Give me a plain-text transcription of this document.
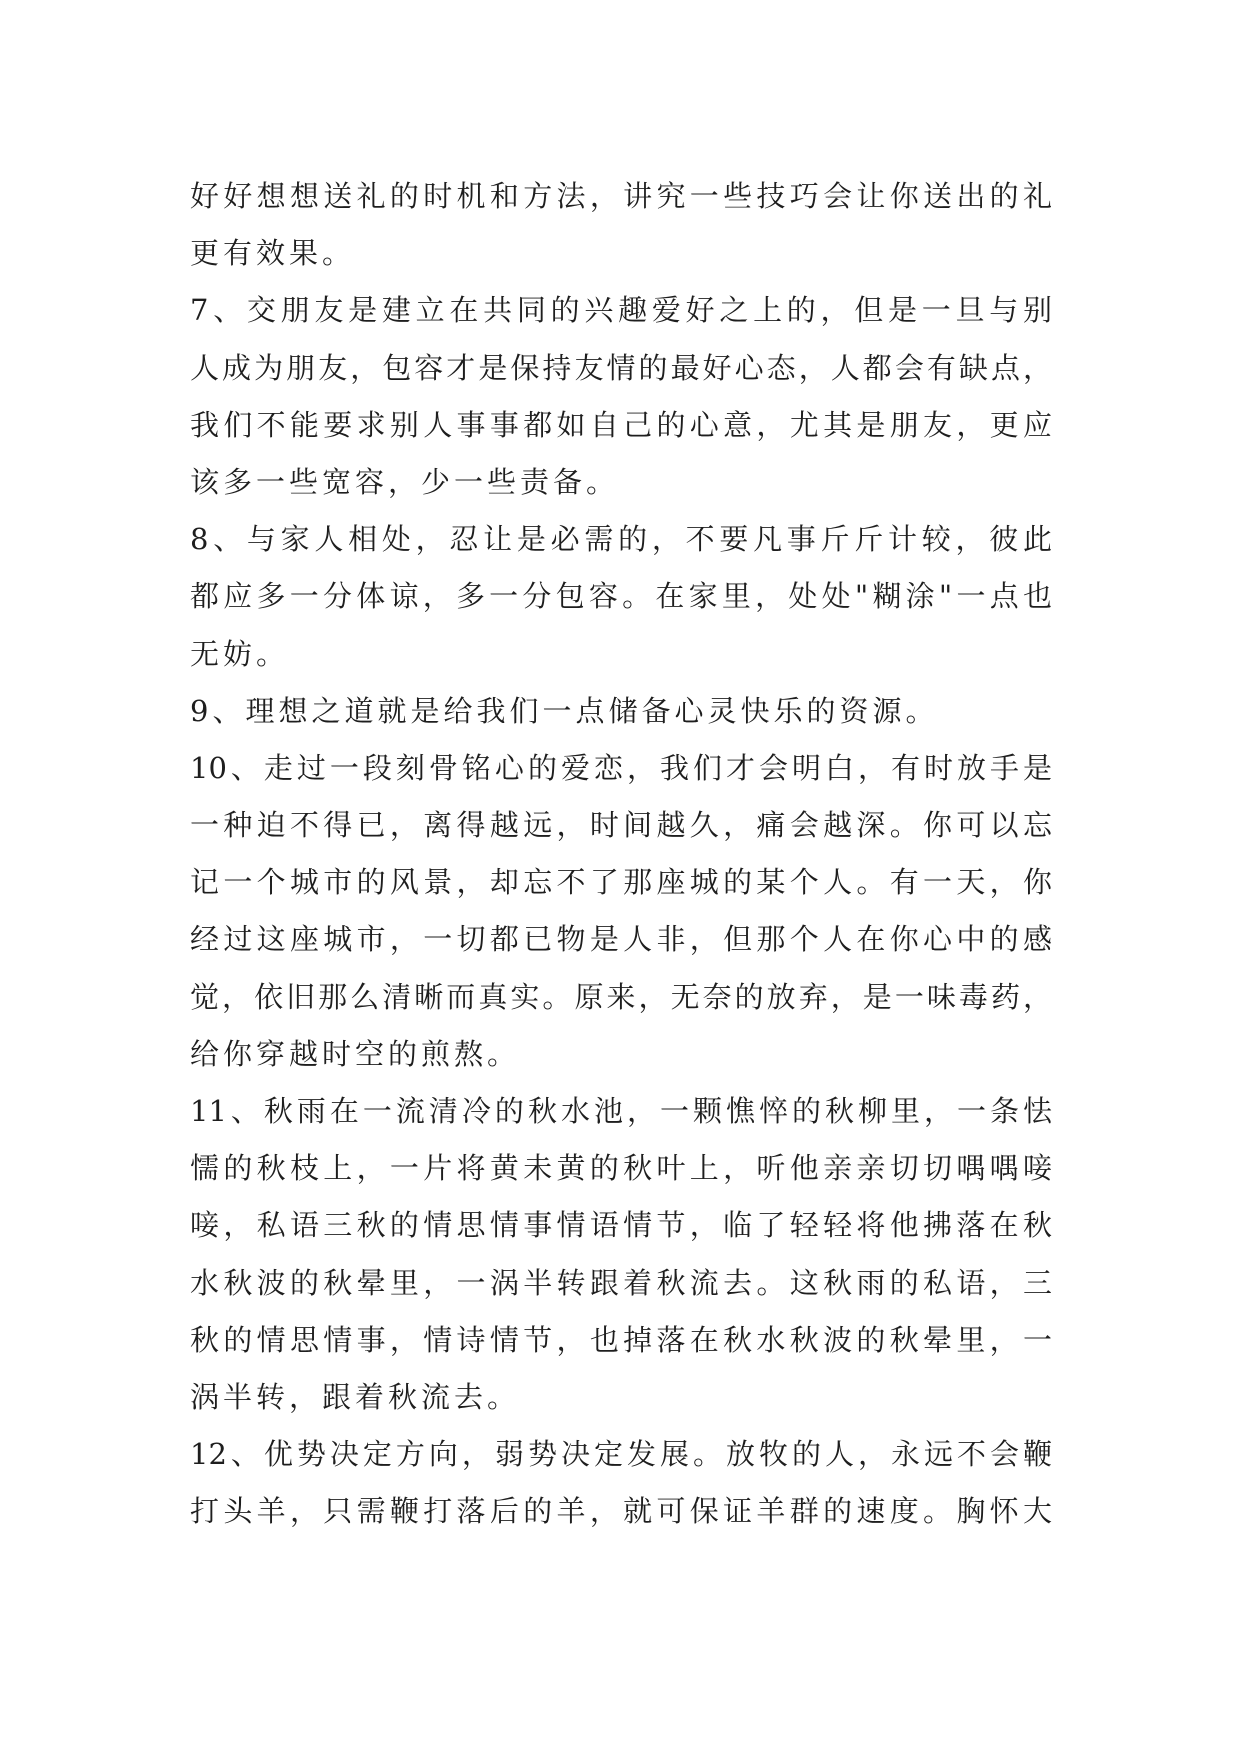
好好想想送礼的时机和方法，讲究一些技巧会让你送出的礼
更有效果。
7、交朋友是建立在共同的兴趣爱好之上的，但是一旦与别
人成为朋友，包容才是保持友情的最好心态，人都会有缺点，
我们不能要求别人事事都如自己的心意，尤其是朋友，更应
该多一些宽容，少一些责备。
8、与家人相处，忍让是必需的，不要凡事斤斤计较，彼此
都应多一分体谅，多一分包容。在家里，处处"糊涂"一点也
无妨。
9、理想之道就是给我们一点储备心灵快乐的资源。
10、走过一段刻骨铭心的爱恋，我们才会明白，有时放手是
一种迫不得已，离得越远，时间越久，痛会越深。你可以忘
记一个城市的风景，却忘不了那座城的某个人。有一天，你
经过这座城市，一切都已物是人非，但那个人在你心中的感
觉，依旧那么清晰而真实。原来，无奈的放弃，是一味毒药，
给你穿越时空的煎熬。
11、秋雨在一流清冷的秋水池，一颗憔悴的秋柳里，一条怯
懦的秋枝上，一片将黄未黄的秋叶上，听他亲亲切切喁喁唼
唼，私语三秋的情思情事情语情节，临了轻轻将他拂落在秋
水秋波的秋晕里，一涡半转跟着秋流去。这秋雨的私语，三
秋的情思情事，情诗情节，也掉落在秋水秋波的秋晕里，一
涡半转，跟着秋流去。
12、优势决定方向，弱势决定发展。放牧的人，永远不会鞭
打头羊，只需鞭打落后的羊，就可保证羊群的速度。胸怀大
